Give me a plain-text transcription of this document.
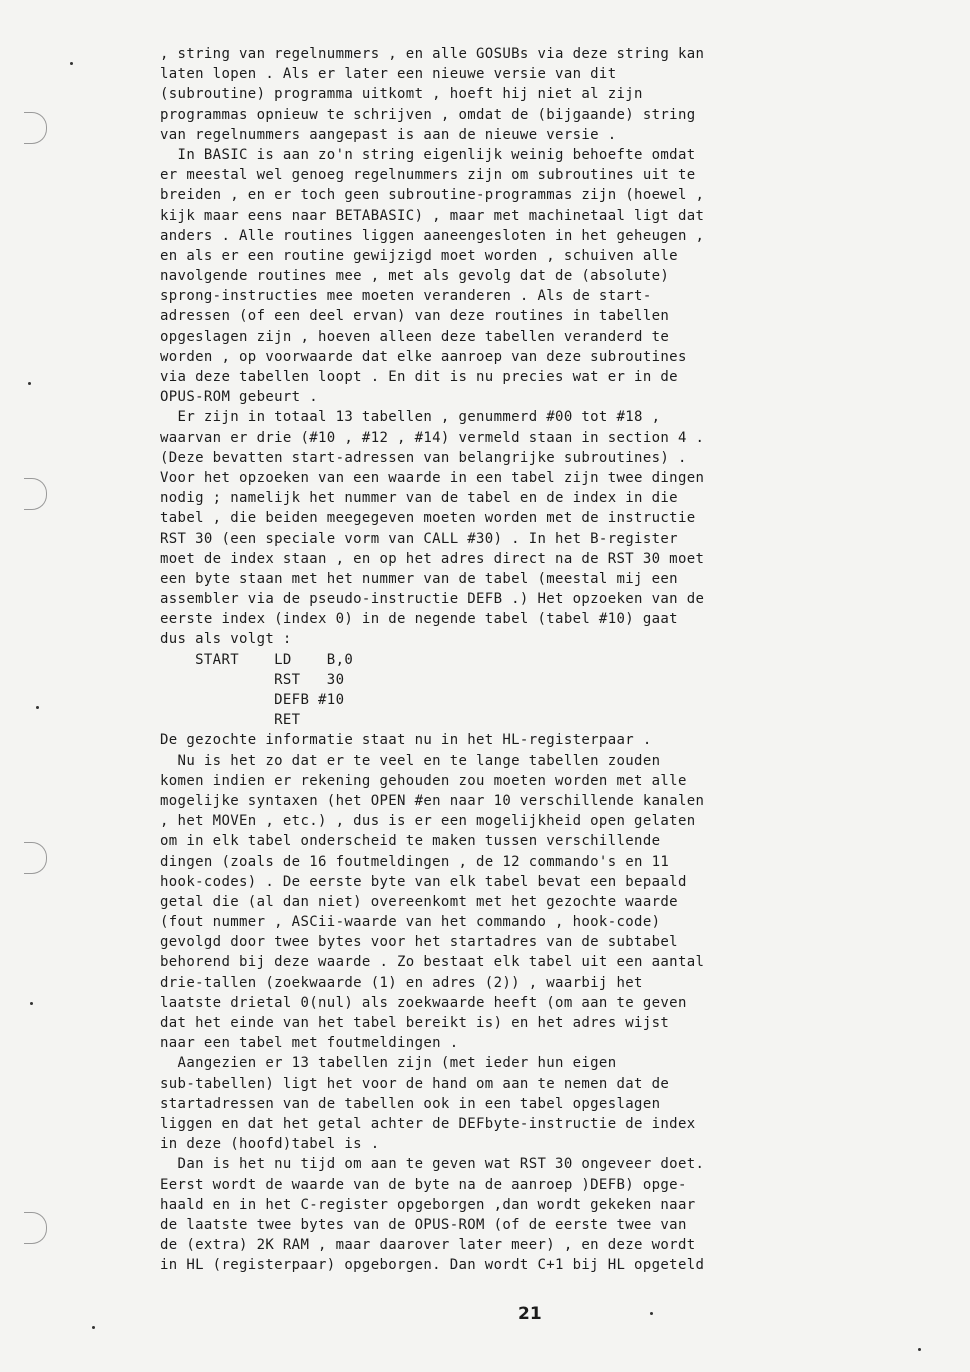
, string van regelnummers , en alle GOSUBs via deze string kan
laten lopen . Als er later een nieuwe versie van dit
(subroutine) programma uitkomt , hoeft hij niet al zijn
programmas opnieuw te schrijven , omdat de (bijgaande) string
van regelnummers aangepast is aan de nieuwe versie .
In BASIC is aan zo'n string eigenlijk weinig behoefte omdat
er meestal wel genoeg regelnummers zijn om subroutines uit te
breiden , en er toch geen subroutine-programmas zijn (hoewel ,
kijk maar eens naar BETABASIC) , maar met machinetaal ligt dat
anders . Alle routines liggen aaneengesloten in het geheugen ,
en als er een routine gewijzigd moet worden , schuiven alle
navolgende routines mee , met als gevolg dat de (absolute)
sprong-instructies mee moeten veranderen . Als de start-
adressen (of een deel ervan) van deze routines in tabellen
opgeslagen zijn , hoeven alleen deze tabellen veranderd te
worden , op voorwaarde dat elke aanroep van deze subroutines
via deze tabellen loopt . En dit is nu precies wat er in de
OPUS-ROM gebeurt .
Er zijn in totaal 13 tabellen , genummerd #00 tot #18 ,
waarvan er drie (#10 , #12 , #14) vermeld staan in section 4 .
(Deze bevatten start-adressen van belangrijke subroutines) .
Voor het opzoeken van een waarde in een tabel zijn twee dingen
nodig ; namelijk het nummer van de tabel en de index in die
tabel , die beiden meegegeven moeten worden met de instructie
RST 30 (een speciale vorm van CALL #30) . In het B-register
moet de index staan , en op het adres direct na de RST 30 moet
een byte staan met het nummer van de tabel (meestal mij een
assembler via de pseudo-instructie DEFB .) Het opzoeken van de
eerste index (index 0) in de negende tabel (tabel #10) gaat
dus als volgt :
START    LD    B,0
RST   30
DEFB #10
RET
De gezochte informatie staat nu in het HL-registerpaar .
Nu is het zo dat er te veel en te lange tabellen zouden
komen indien er rekening gehouden zou moeten worden met alle
mogelijke syntaxen (het OPEN #en naar 10 verschillende kanalen
, het MOVEn , etc.) , dus is er een mogelijkheid open gelaten
om in elk tabel onderscheid te maken tussen verschillende
dingen (zoals de 16 foutmeldingen , de 12 commando's en 11
hook-codes) . De eerste byte van elk tabel bevat een bepaald
getal die (al dan niet) overeenkomt met het gezochte waarde
(fout nummer , ASCii-waarde van het commando , hook-code)
gevolgd door twee bytes voor het startadres van de subtabel
behorend bij deze waarde . Zo bestaat elk tabel uit een aantal
drie-tallen (zoekwaarde (1) en adres (2)) , waarbij het
laatste drietal 0(nul) als zoekwaarde heeft (om aan te geven
dat het einde van het tabel bereikt is) en het adres wijst
naar een tabel met foutmeldingen .
Aangezien er 13 tabellen zijn (met ieder hun eigen
sub-tabellen) ligt het voor de hand om aan te nemen dat de
startadressen van de tabellen ook in een tabel opgeslagen
liggen en dat het getal achter de DEFbyte-instructie de index
in deze (hoofd)tabel is .
Dan is het nu tijd om aan te geven wat RST 30 ongeveer doet.
Eerst wordt de waarde van de byte na de aanroep )DEFB) opge-
haald en in het C-register opgeborgen ,dan wordt gekeken naar
de laatste twee bytes van de OPUS-ROM (of de eerste twee van
de (extra) 2K RAM , maar daarover later meer) , en deze wordt
in HL (registerpaar) opgeborgen. Dan wordt C+1 bij HL opgeteld
21
